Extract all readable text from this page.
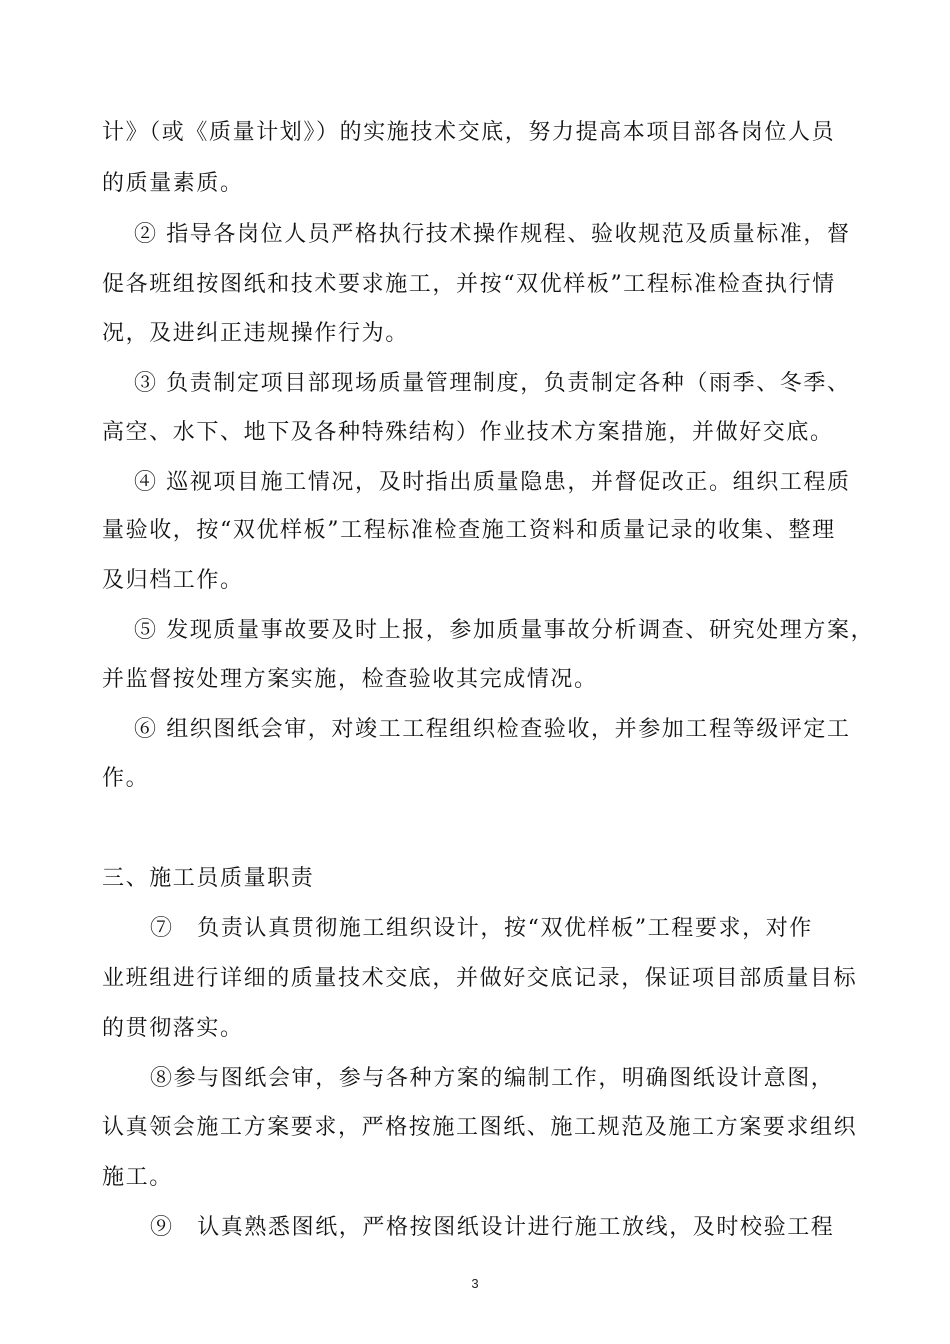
计》（或《质量计划》）的实施技术交底，努力提高本项目部各岗位人员
的质量素质。
② 指导各岗位人员严格执行技术操作规程、验收规范及质量标准，督
促各班组按图纸和技术要求施工，并按“双优样板”工程标准检查执行情
况，及进纠正违规操作行为。
③ 负责制定项目部现场质量管理制度，负责制定各种（雨季、冬季、
高空、水下、地下及各种特殊结构）作业技术方案措施，并做好交底。
④ 巡视项目施工情况，及时指出质量隐患，并督促改正。组织工程质
量验收，按“双优样板”工程标准检查施工资料和质量记录的收集、整理
及归档工作。
⑤ 发现质量事故要及时上报，参加质量事故分析调查、研究处理方案，
并监督按处理方案实施，检查验收其完成情况。
⑥ 组织图纸会审，对竣工工程组织检查验收，并参加工程等级评定工
作。
三、施工员质量职责
⑦　负责认真贯彻施工组织设计，按“双优样板”工程要求，对作
业班组进行详细的质量技术交底，并做好交底记录，保证项目部质量目标
的贯彻落实。
⑧参与图纸会审，参与各种方案的编制工作，明确图纸设计意图，
认真领会施工方案要求，严格按施工图纸、施工规范及施工方案要求组织
施工。
⑨　认真熟悉图纸，严格按图纸设计进行施工放线，及时校验工程
3
